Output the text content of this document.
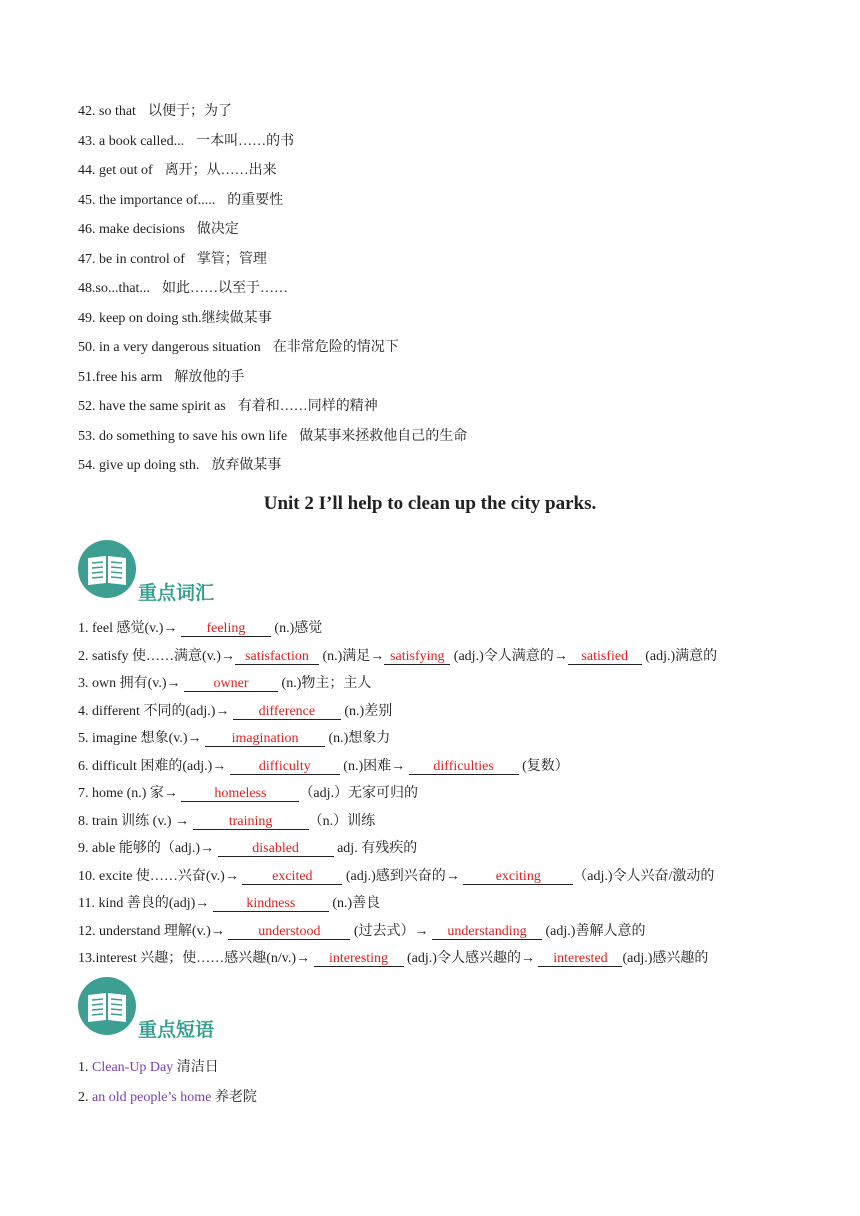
42. so that 以便于；为了
43. a book called... 一本叫……的书
44. get out of 离开；从……出来
45. the importance of..... 的重要性
46. make decisions 做决定
47. be in control of 掌管；管理
48.so...that... 如此……以至于……
49. keep on doing sth.继续做某事
50. in a very dangerous situation 在非常危险的情况下
51.free his arm 解放他的手
52. have the same spirit as 有着和……同样的精神
53. do something to save his own life 做某事来拯救他自己的生命
54. give up doing sth. 放弃做某事
Unit 2 I’ll help to clean up the city parks.
重点词汇
1. feel 感觉(v.)→ feeling (n.)感觉
2. satisfy 使……满意(v.)→ satisfaction (n.)满足→ satisfying (adj.)令人满意的→ satisfied (adj.)满意的
3. own 拥有(v.)→ owner (n.)物主；主人
4. different 不同的(adj.)→ difference (n.)差别
5. imagine 想象(v.)→ imagination (n.)想象力
6. difficult 困难的(adj.)→ difficulty (n.)困难→ difficulties (复数）
7. home (n.) 家→ homeless （adj.）无家可归的
8. train 训练 (v.) →	training	（n.）训练
9. able 能够的（adj.)→ disabled adj. 有残疾的
10. excite 使……兴奋(v.)→ excited (adj.)感到兴奋的→ exciting （adj.)令人兴奋/激动的
11. kind 善良的(adj)→ kindness (n.)善良
12. understand 理解(v.)→ understood (过去式）→ understanding (adj.)善解人意的
13.interest 兴趣；使……感兴趣(n/v.)→ interesting (adj.)令人感兴趣的→ interested (adj.)感兴趣的
重点短语
1. Clean-Up Day 清洁日
2. an old people’s home 养老院
